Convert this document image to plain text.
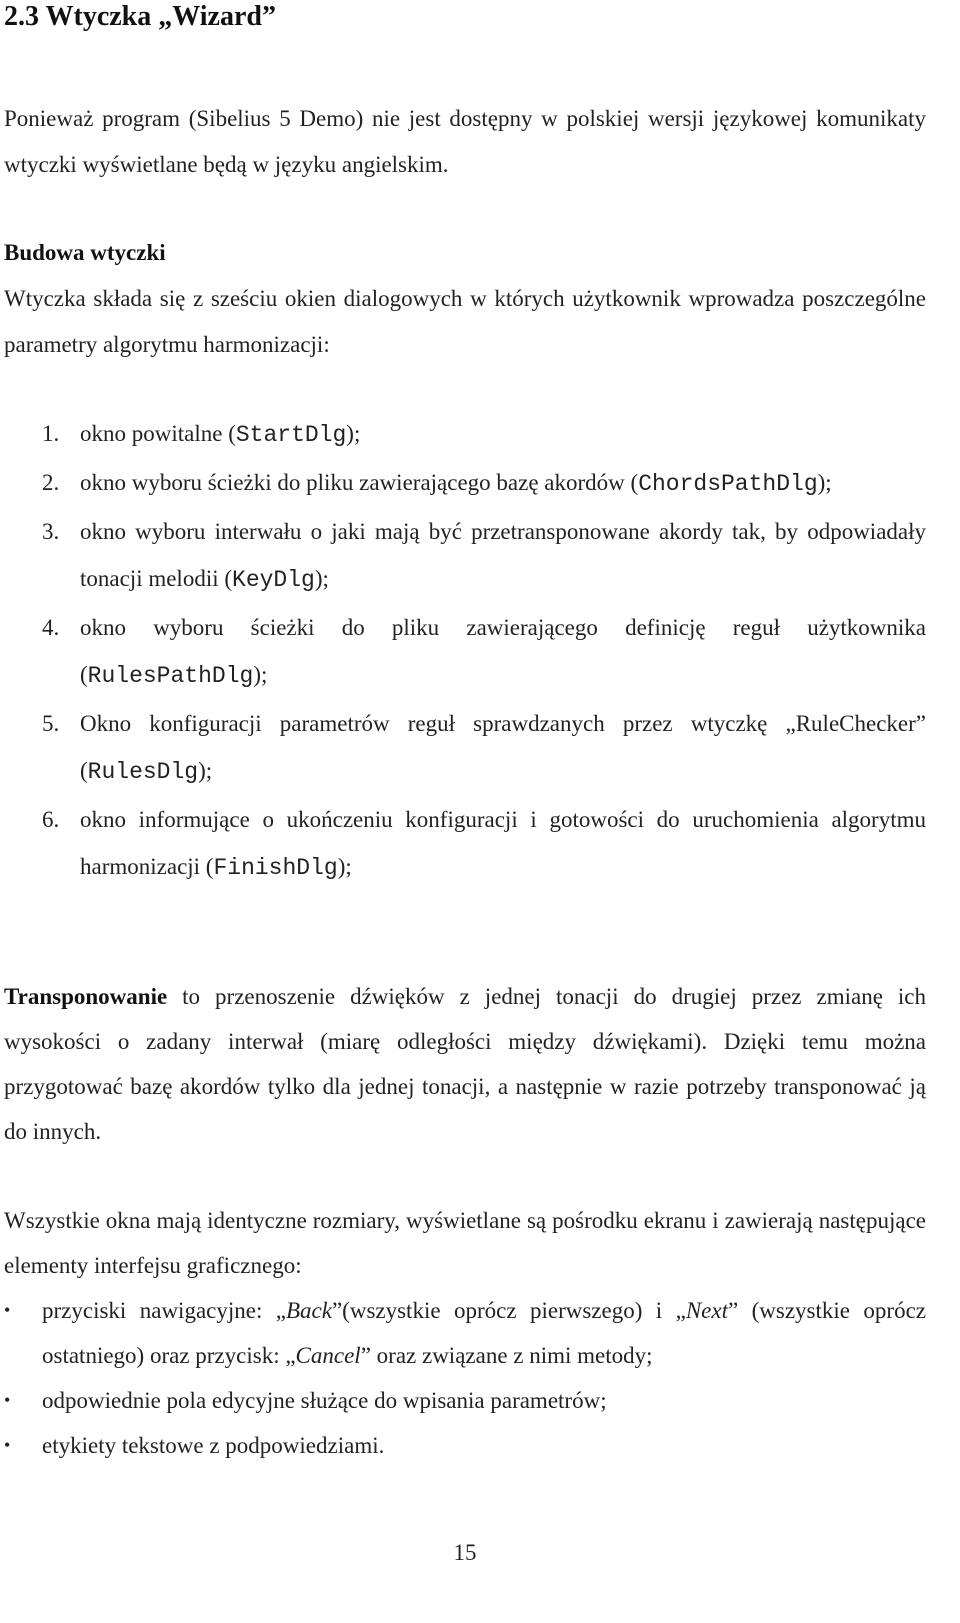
2.3 Wtyczka „Wizard”

Ponieważ program (Sibelius 5 Demo) nie jest dostępny w polskiej wersji językowej komunikaty wtyczki wyświetlane będą w języku angielskim.

Budowa wtyczki
Wtyczka składa się z sześciu okien dialogowych w których użytkownik wprowadza poszczególne parametry algorytmu harmonizacji:

1. okno powitalne (StartDlg);
2. okno wyboru ścieżki do pliku zawierającego bazę akordów (ChordsPathDlg);
3. okno wyboru interwału o jaki mają być przetransponowane akordy tak, by odpowiadały tonacji melodii (KeyDlg);
4. okno wyboru ścieżki do pliku zawierającego definicję reguł użytkownika (RulesPathDlg);
5. Okno konfiguracji parametrów reguł sprawdzanych przez wtyczkę „RuleChecker” (RulesDlg);
6. okno informujące o ukończeniu konfiguracji i gotowości do uruchomienia algorytmu harmonizacji (FinishDlg);

Transponowanie to przenoszenie dźwięków z jednej tonacji do drugiej przez zmianę ich wysokości o zadany interwał (miarę odległości między dźwiękami). Dzięki temu można przygotować bazę akordów tylko dla jednej tonacji, a następnie w razie potrzeby transponować ją do innych.

Wszystkie okna mają identyczne rozmiary, wyświetlane są pośrodku ekranu i zawierają następujące elementy interfejsu graficznego:

• przyciski nawigacyjne: „Back”(wszystkie oprócz pierwszego) i „Next” (wszystkie oprócz ostatniego) oraz przycisk: „Cancel” oraz związane z nimi metody;
• odpowiednie pola edycyjne służące do wpisania parametrów;
• etykiety tekstowe z podpowiedziami.
15
